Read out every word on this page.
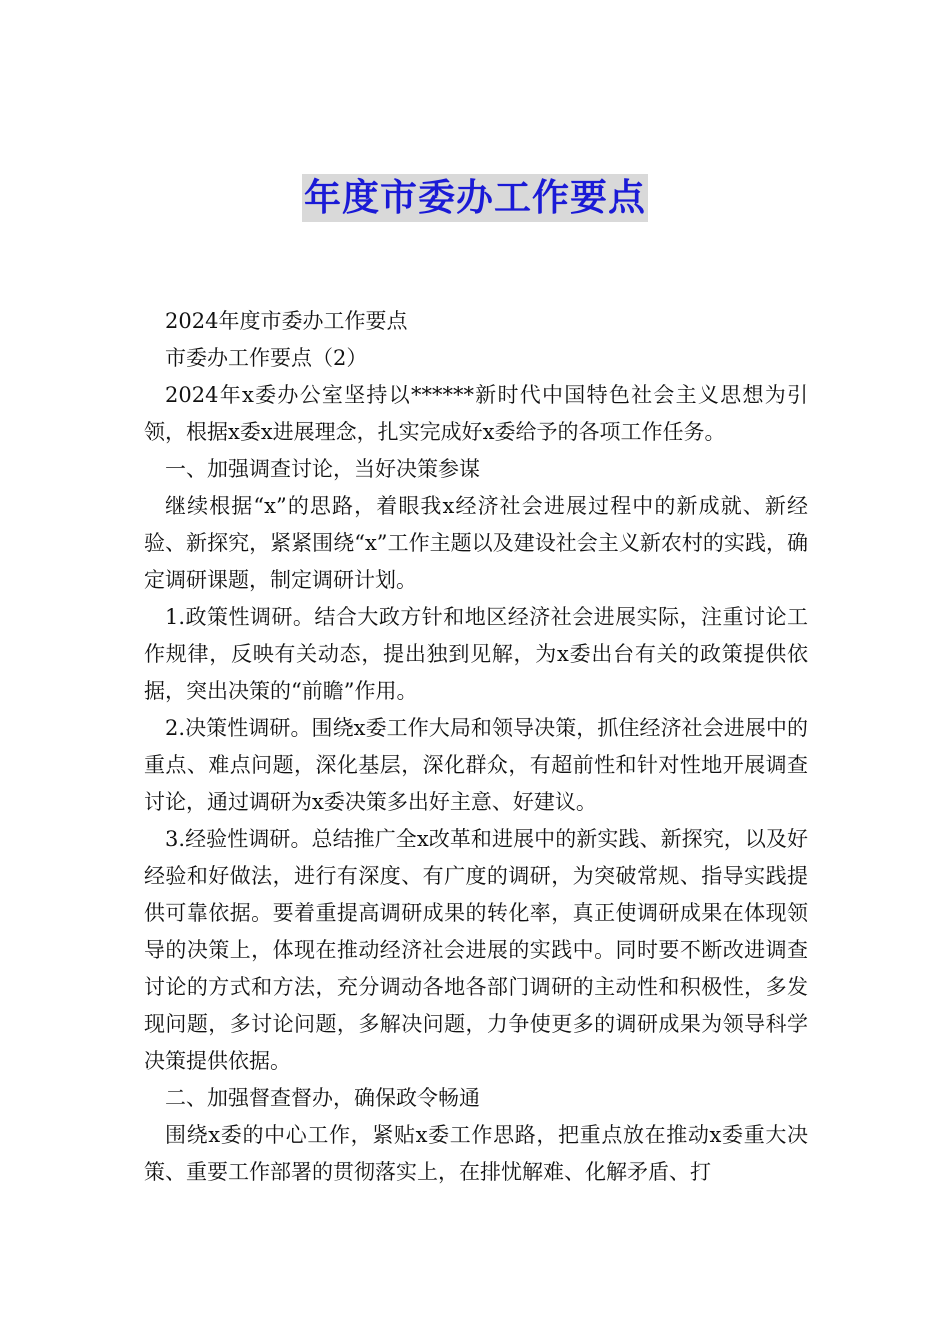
年度市委办工作要点

2024年度市委办工作要点

市委办工作要点（2）

2024年x委办公室坚持以******新时代中国特色社会主义思想为引领，根据x委x进展理念，扎实完成好x委给予的各项工作任务。

一、加强调查讨论，当好决策参谋

继续根据“x”的思路，着眼我x经济社会进展过程中的新成就、新经验、新探究，紧紧围绕“x”工作主题以及建设社会主义新农村的实践，确定调研课题，制定调研计划。

1.政策性调研。结合大政方针和地区经济社会进展实际，注重讨论工作规律，反映有关动态，提出独到见解，为x委出台有关的政策提供依据，突出决策的“前瞻”作用。

2.决策性调研。围绕x委工作大局和领导决策，抓住经济社会进展中的重点、难点问题，深化基层，深化群众，有超前性和针对性地开展调查讨论，通过调研为x委决策多出好主意、好建议。

3.经验性调研。总结推广全x改革和进展中的新实践、新探究，以及好经验和好做法，进行有深度、有广度的调研，为突破常规、指导实践提供可靠依据。要着重提高调研成果的转化率，真正使调研成果在体现领导的决策上，体现在推动经济社会进展的实践中。同时要不断改进调查讨论的方式和方法，充分调动各地各部门调研的主动性和积极性，多发现问题，多讨论问题，多解决问题，力争使更多的调研成果为领导科学决策提供依据。

二、加强督查督办，确保政令畅通

围绕x委的中心工作，紧贴x委工作思路，把重点放在推动x委重大决策、重要工作部署的贯彻落实上，在排忧解难、化解矛盾、打
